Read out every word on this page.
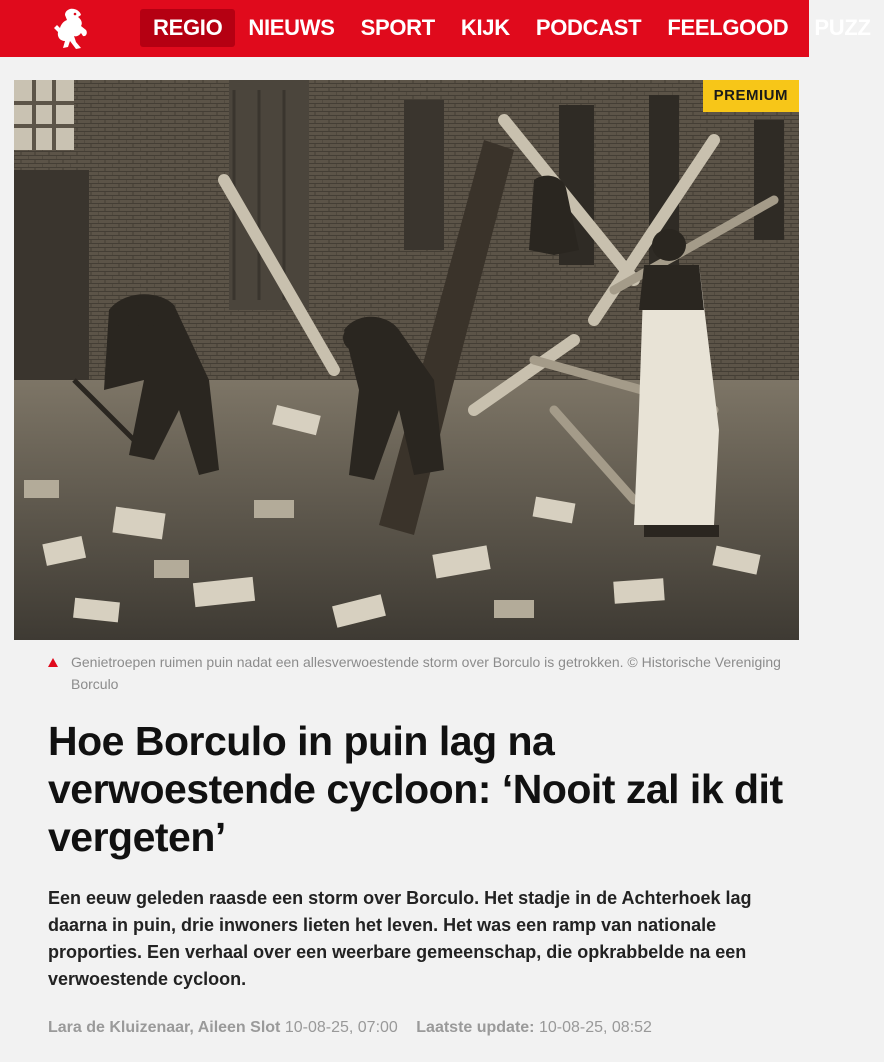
REGIO	NIEUWS	SPORT	KIJK	PODCAST	FEELGOOD	PUZZ
PREMIUM
Genietroepen ruimen puin nadat een allesverwoestende storm over Borculo is getrokken. © Historische Vereniging Borculo
Hoe Borculo in puin lag na verwoestende cycloon: ‘Nooit zal ik dit vergeten’

Een eeuw geleden raasde een storm over Borculo. Het stadje in de Achterhoek lag daarna in puin, drie inwoners lieten het leven. Het was een ramp van nationale proporties. Een verhaal over een weerbare gemeenschap, die opkrabbelde na een verwoestende cycloon.

Lara de Kluizenaar, Aileen Slot 10-08-25, 07:00 Laatste update: 10-08-25, 08:52
